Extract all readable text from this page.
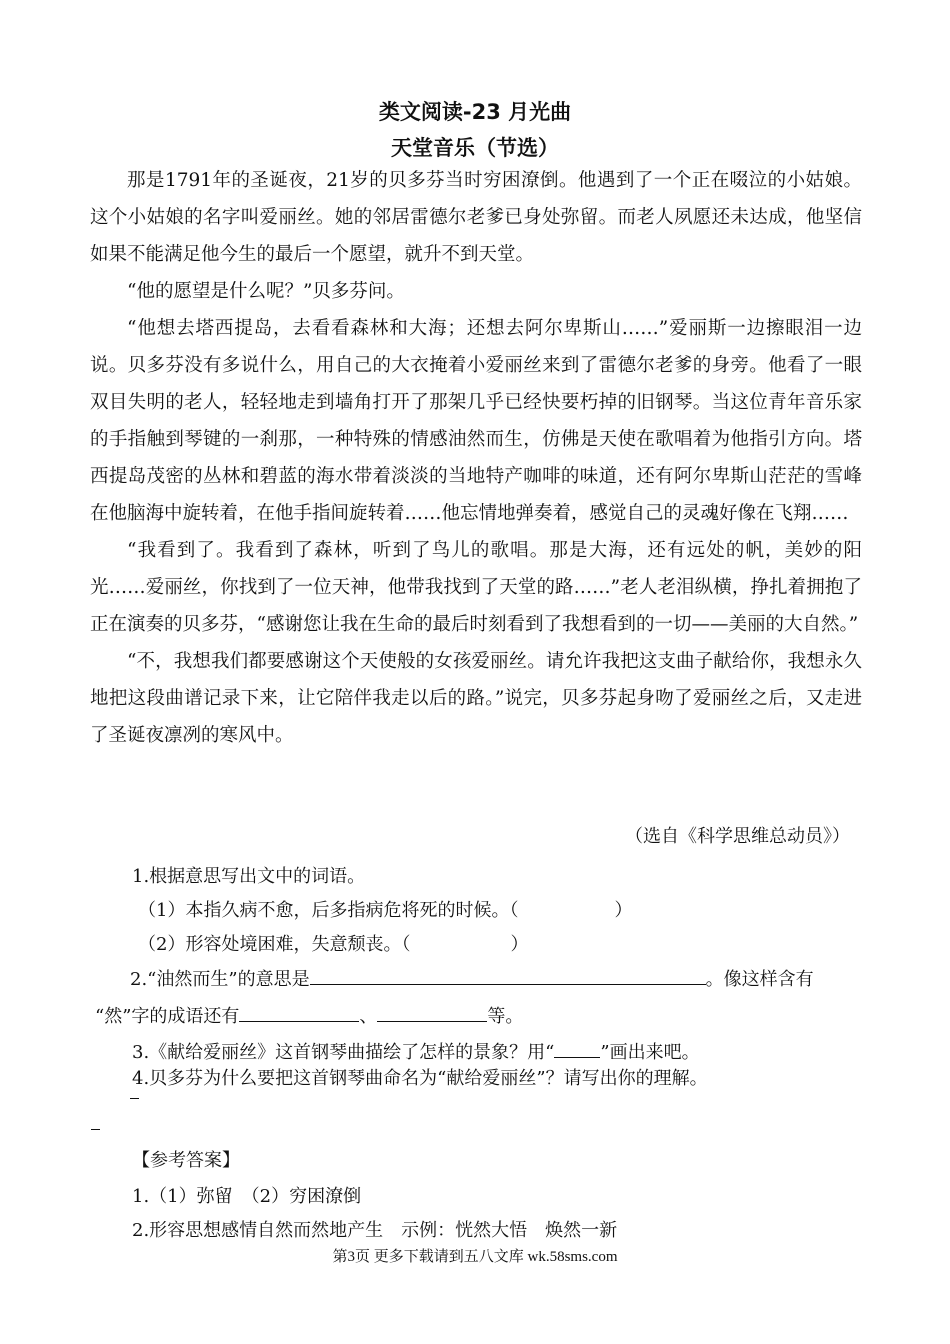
类文阅读-23 月光曲
天堂音乐（节选）

那是1791年的圣诞夜，21岁的贝多芬当时穷困潦倒。他遇到了一个正在啜泣的小姑娘。这个小姑娘的名字叫爱丽丝。她的邻居雷德尔老爹已身处弥留。而老人夙愿还未达成，他坚信如果不能满足他今生的最后一个愿望，就升不到天堂。

“他的愿望是什么呢？”贝多芬问。

“他想去塔西提岛，去看看森林和大海；还想去阿尔卑斯山……”爱丽斯一边擦眼泪一边说。贝多芬没有多说什么，用自己的大衣掩着小爱丽丝来到了雷德尔老爹的身旁。他看了一眼双目失明的老人，轻轻地走到墙角打开了那架几乎已经快要朽掉的旧钢琴。当这位青年音乐家的手指触到琴键的一刹那，一种特殊的情感油然而生，仿佛是天使在歌唱着为他指引方向。塔西提岛茂密的丛林和碧蓝的海水带着淡淡的当地特产咖啡的味道，还有阿尔卑斯山茫茫的雪峰在他脑海中旋转着，在他手指间旋转着……他忘情地弹奏着，感觉自己的灵魂好像在飞翔……

“我看到了。我看到了森林，听到了鸟儿的歌唱。那是大海，还有远处的帆，美妙的阳光……爱丽丝，你找到了一位天神，他带我找到了天堂的路……”老人老泪纵横，挣扎着拥抱了正在演奏的贝多芬，“感谢您让我在生命的最后时刻看到了我想看到的一切——美丽的大自然。”

“不，我想我们都要感谢这个天使般的女孩爱丽丝。请允许我把这支曲子献给你，我想永久地把这段曲谱记录下来，让它陪伴我走以后的路。”说完，贝多芬起身吻了爱丽丝之后，又走进了圣诞夜凛冽的寒风中。

（选自《科学思维总动员》）
1.根据意思写出文中的词语。
（1）本指久病不愈，后多指病危将死的时候。（	）
（2）形容处境困难，失意颓丧。（	）
2.“油然而生”的意思是	。像这样含有
“然”字的成语还有	、	等。
3.《献给爱丽丝》这首钢琴曲描绘了怎样的景象？用“	”画出来吧。
4.贝多芬为什么要把这首钢琴曲命名为“献给爱丽丝”？请写出你的理解。
【参考答案】
1.（1）弥留　（2）穷困潦倒
2.形容思想感情自然而然地产生　示例：恍然大悟　焕然一新
第3页 更多下载请到五八文库 wk.58sms.com
